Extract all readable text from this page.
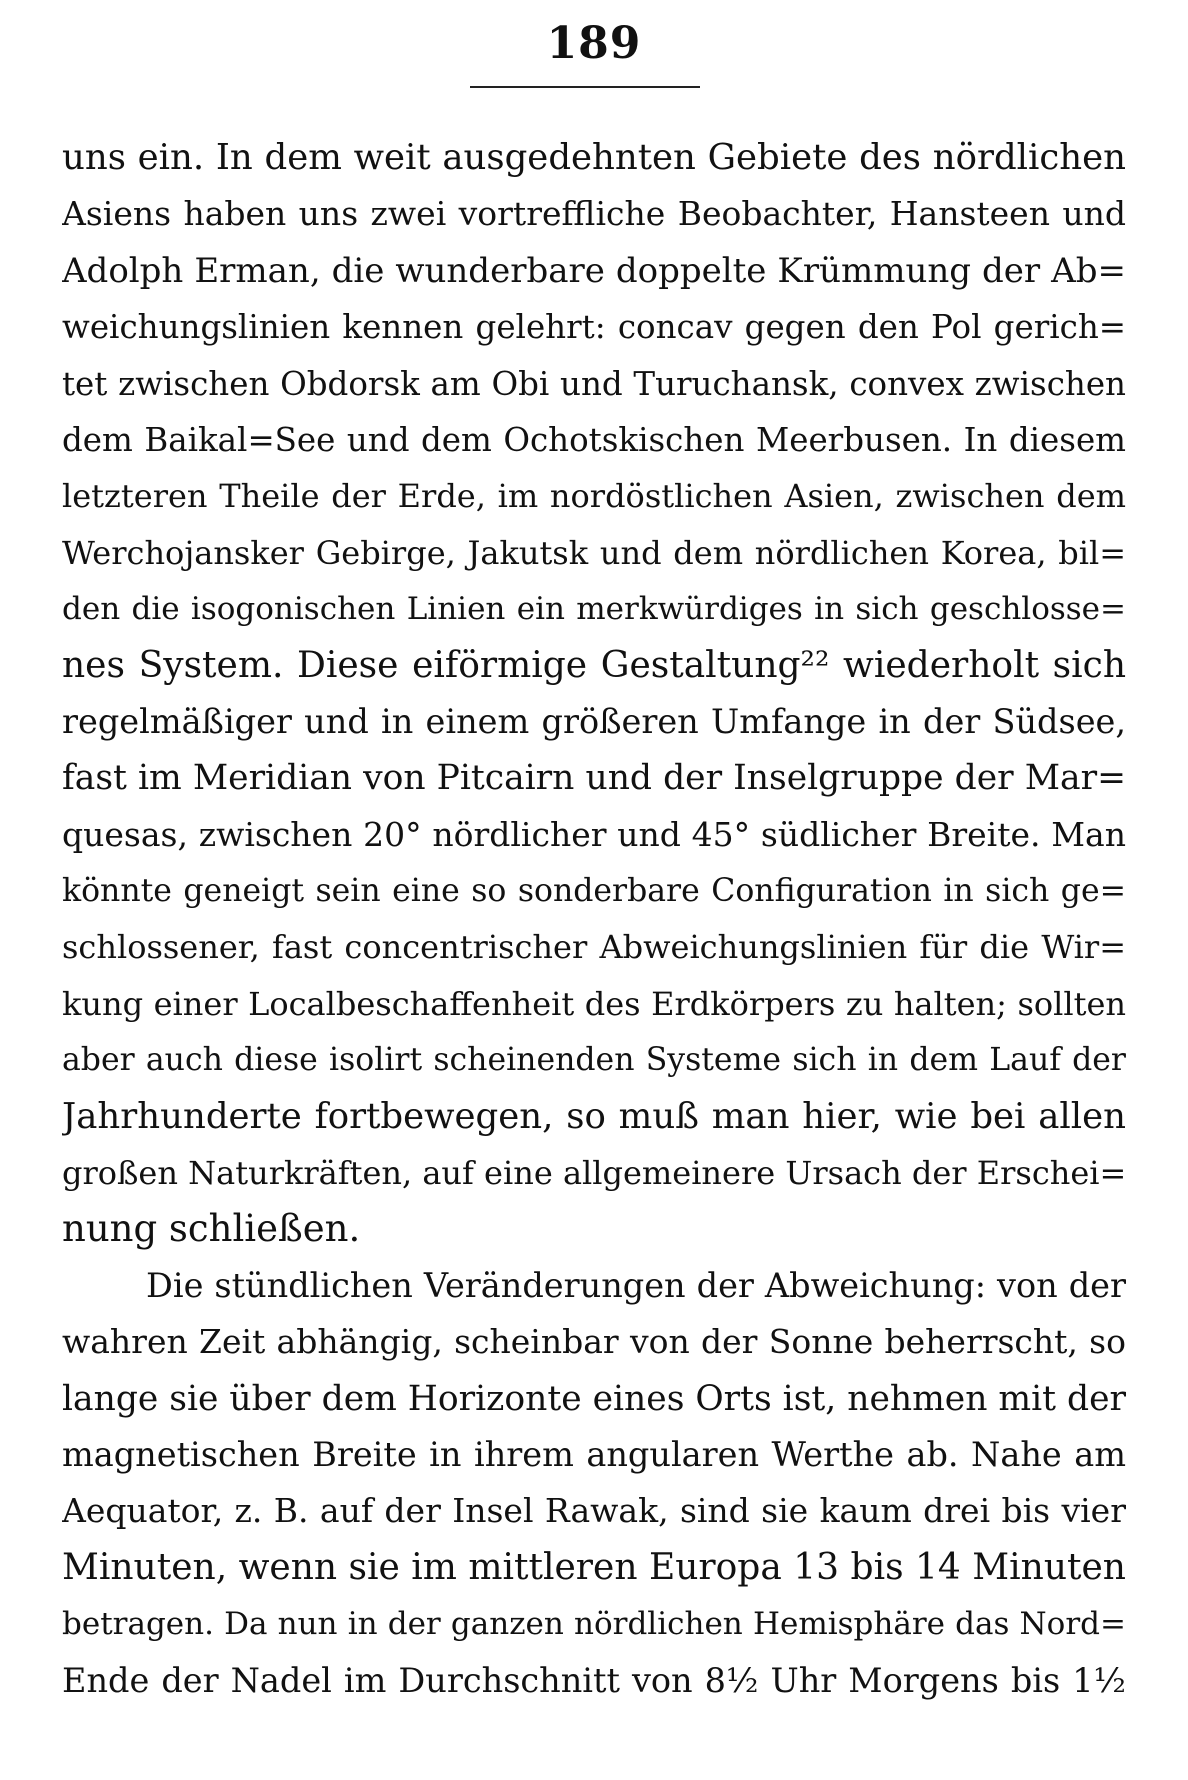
189
uns ein. In dem weit ausgedehnten Gebiete des nördlichen
Asiens haben uns zwei vortreffliche Beobachter, Hansteen und
Adolph Erman, die wunderbare doppelte Krümmung der Ab=
weichungslinien kennen gelehrt: concav gegen den Pol gerich=
tet zwischen Obdorsk am Obi und Turuchansk, convex zwischen
dem Baikal=See und dem Ochotskischen Meerbusen. In diesem
letzteren Theile der Erde, im nordöstlichen Asien, zwischen dem
Werchojansker Gebirge, Jakutsk und dem nördlichen Korea, bil=
den die isogonischen Linien ein merkwürdiges in sich geschlosse=
nes System. Diese eiförmige Gestaltung²² wiederholt sich
regelmäßiger und in einem größeren Umfange in der Südsee,
fast im Meridian von Pitcairn und der Inselgruppe der Mar=
quesas, zwischen 20° nördlicher und 45° südlicher Breite. Man
könnte geneigt sein eine so sonderbare Configuration in sich ge=
schlossener, fast concentrischer Abweichungslinien für die Wir=
kung einer Localbeschaffenheit des Erdkörpers zu halten; sollten
aber auch diese isolirt scheinenden Systeme sich in dem Lauf der
Jahrhunderte fortbewegen, so muß man hier, wie bei allen
großen Naturkräften, auf eine allgemeinere Ursach der Erschei=
nung schließen.
Die stündlichen Veränderungen der Abweichung: von der
wahren Zeit abhängig, scheinbar von der Sonne beherrscht, so
lange sie über dem Horizonte eines Orts ist, nehmen mit der
magnetischen Breite in ihrem angularen Werthe ab. Nahe am
Aequator, z. B. auf der Insel Rawak, sind sie kaum drei bis vier
Minuten, wenn sie im mittleren Europa 13 bis 14 Minuten
betragen. Da nun in der ganzen nördlichen Hemisphäre das Nord=
Ende der Nadel im Durchschnitt von 8½ Uhr Morgens bis 1½
